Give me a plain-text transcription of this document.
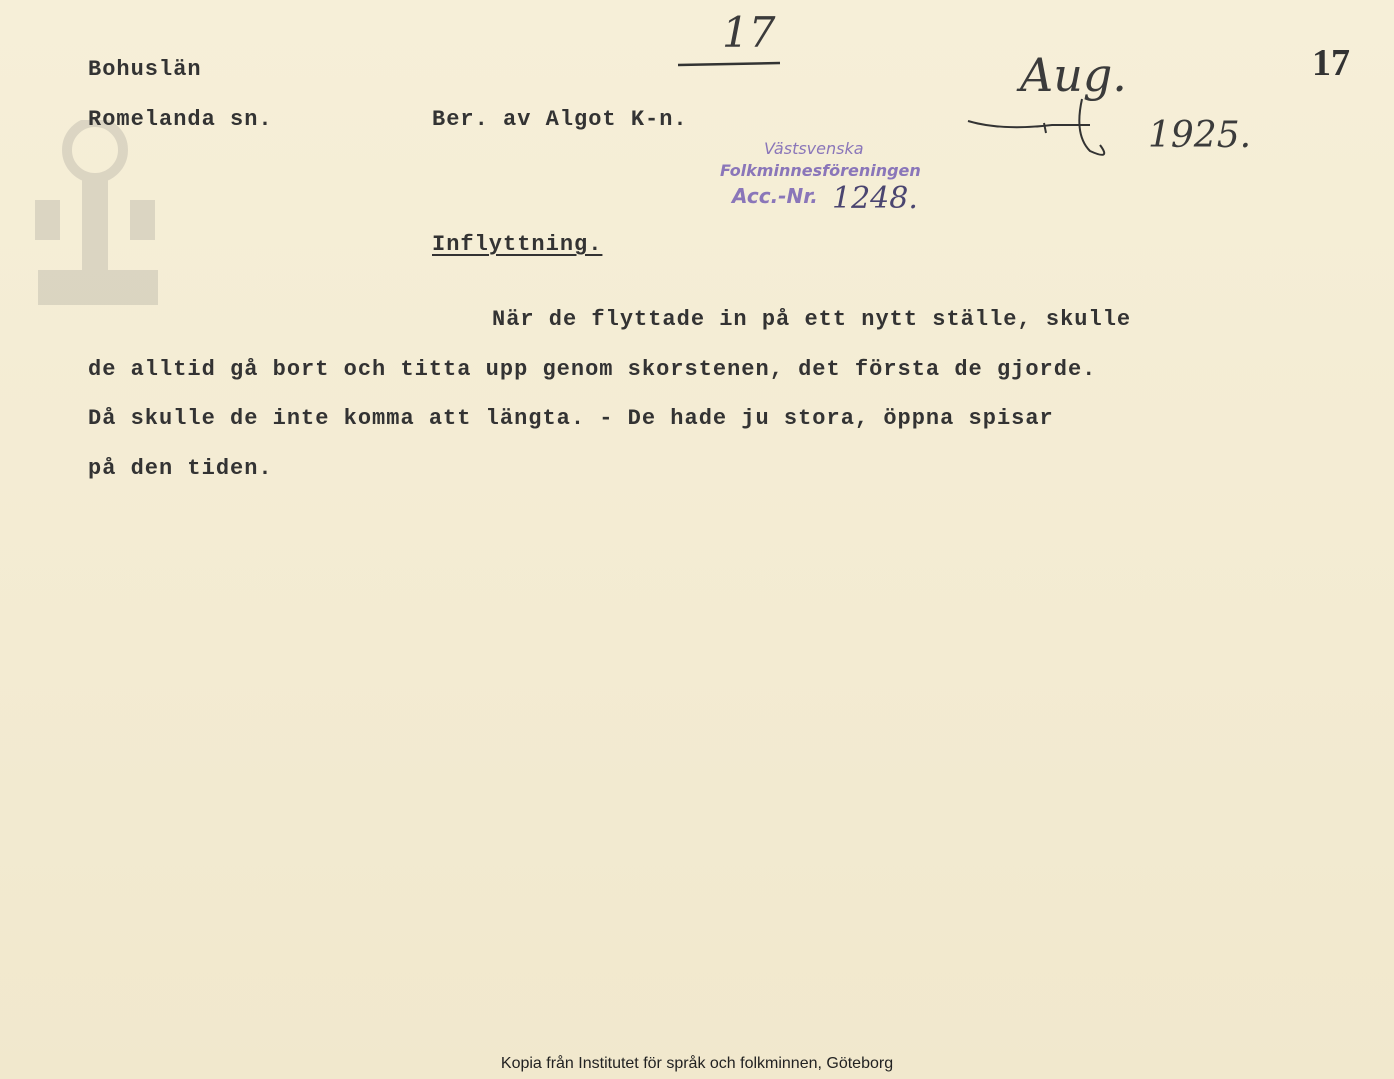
Bohuslän
Romelanda sn.	Ber. av Algot K-n.
17
17
Aug.
1925.
Västsvenska
Folkminnesföreningen
Acc.-Nr. 1248.
Inflyttning.
När de flyttade in på ett nytt ställe, skulle
de alltid gå bort och titta upp genom skorstenen, det första de gjorde.
Då skulle de inte komma att längta. - De hade ju stora, öppna spisar
på den tiden.
Kopia från Institutet för språk och folkminnen, Göteborg
